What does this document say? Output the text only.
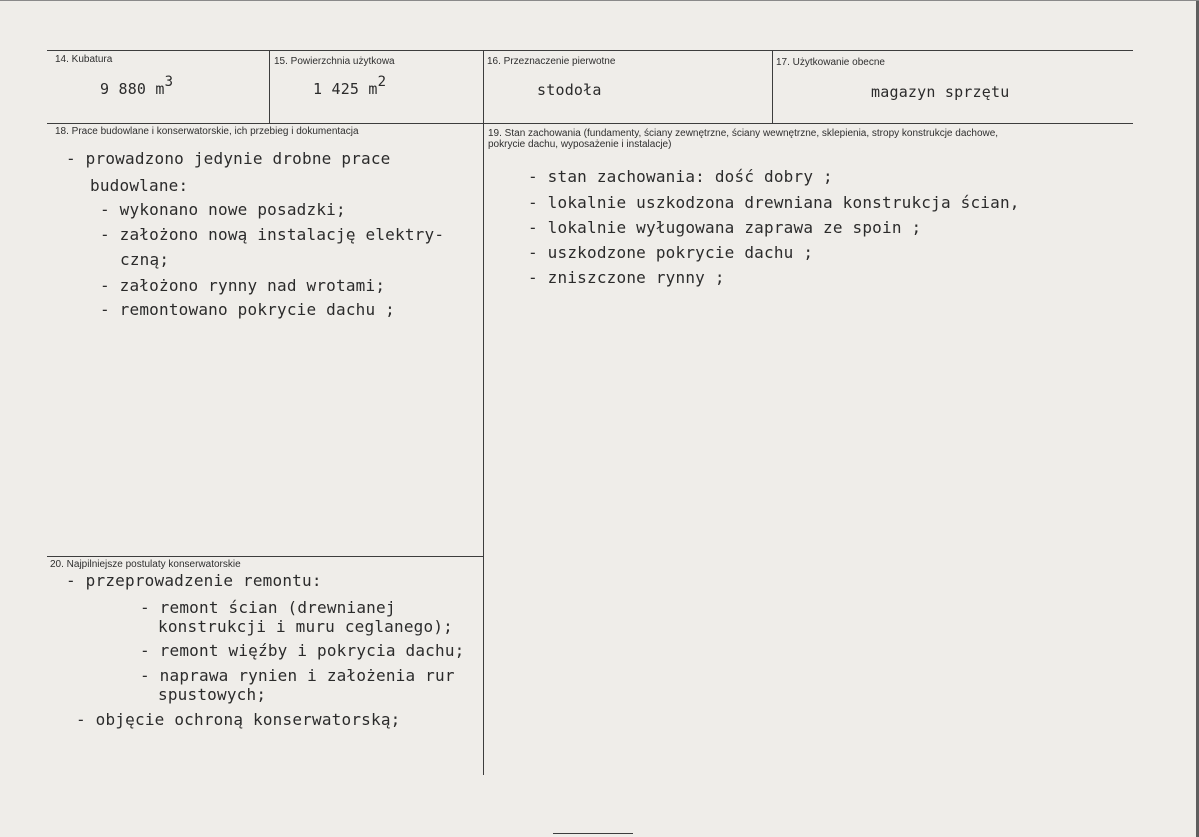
14. Kubatura
9 880 m3
15. Powierzchnia użytkowa
1 425 m2
16. Przeznaczenie pierwotne
stodoła
17. Użytkowanie obecne
magazyn sprzętu
18. Prace budowlane i konserwatorskie, ich przebieg i dokumentacja
- prowadzono jedynie drobne prace
budowlane:
- wykonano nowe posadzki;
- założono nową instalację elektry-
czną;
- założono rynny nad wrotami;
- remontowano pokrycie dachu ;
19. Stan zachowania (fundamenty, ściany zewnętrzne, ściany wewnętrzne, sklepienia, stropy konstrukcje dachowe, pokrycie dachu, wyposażenie i instalacje)
- stan zachowania: dość dobry ;
- lokalnie uszkodzona drewniana konstrukcja ścian,
- lokalnie wyługowana zaprawa ze spoin ;
- uszkodzone pokrycie dachu ;
- zniszczone rynny ;
20. Najpilniejsze postulaty konserwatorskie
- przeprowadzenie remontu:
- remont ścian (drewnianej
konstrukcji i muru ceglanego);
- remont więźby i pokrycia dachu;
- naprawa rynien i założenia rur
spustowych;
- objęcie ochroną konserwatorską;
